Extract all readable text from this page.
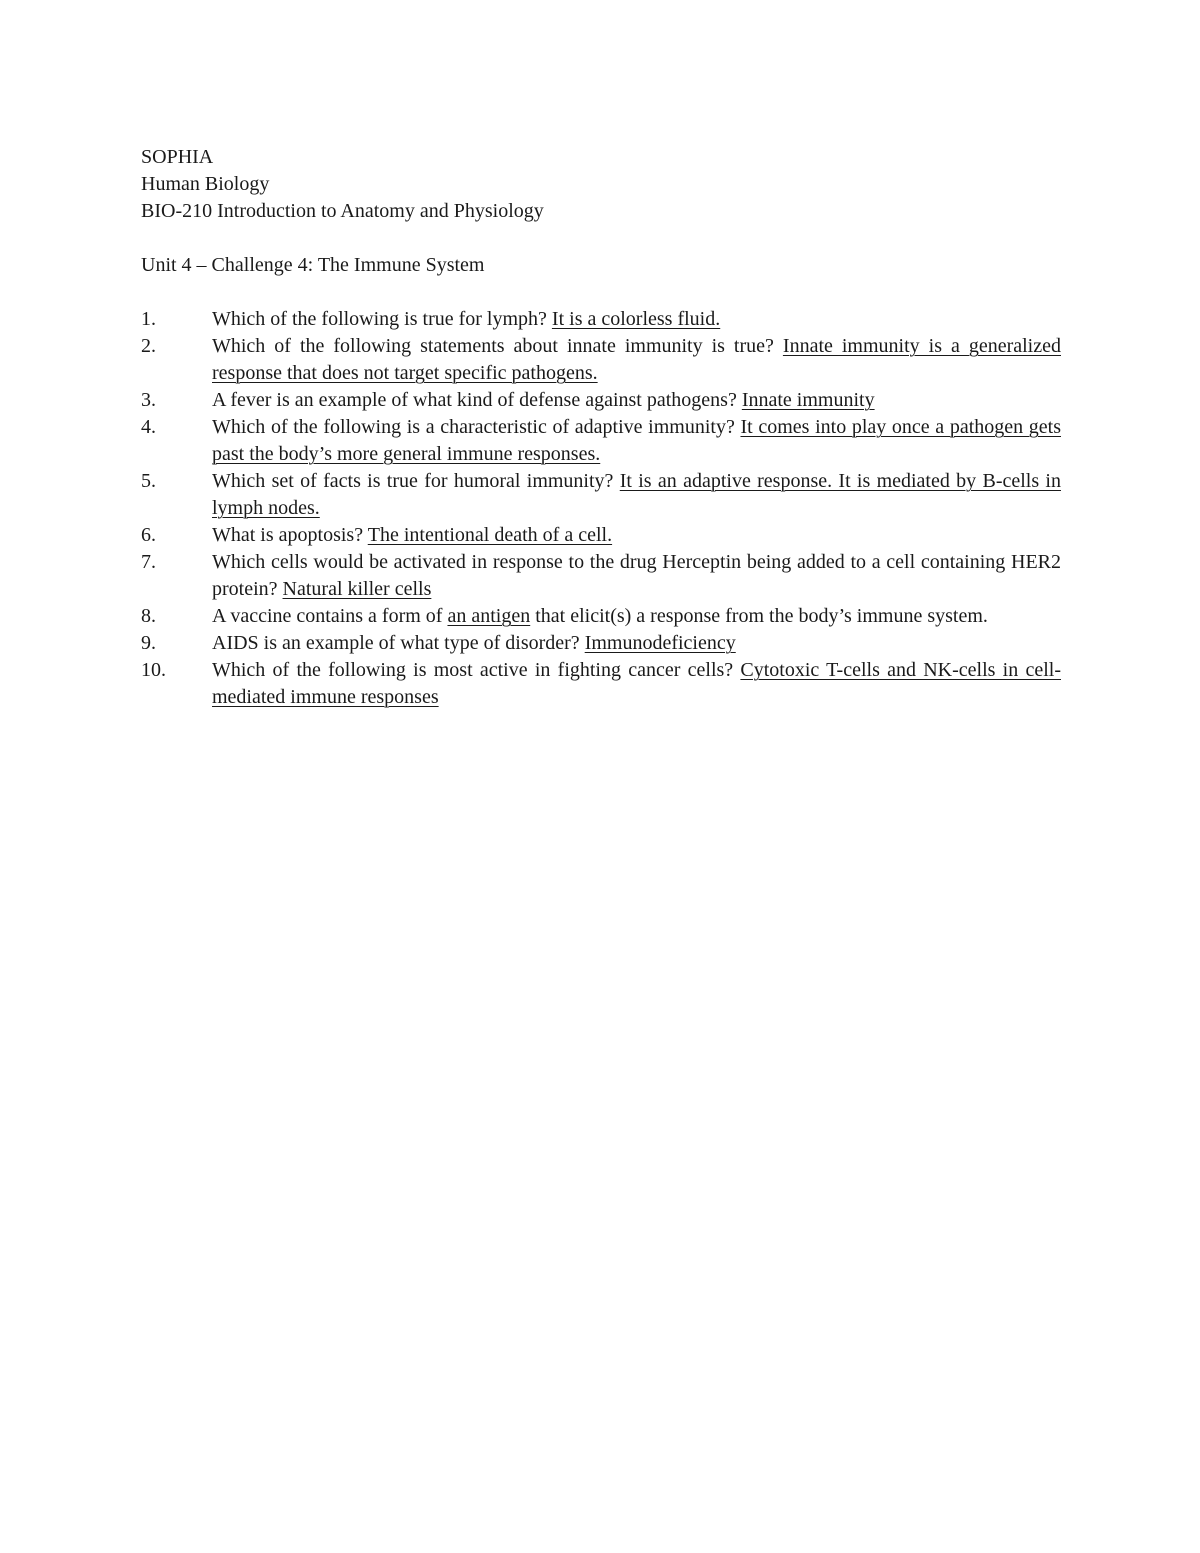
SOPHIA
Human Biology
BIO-210 Introduction to Anatomy and Physiology
Unit 4 – Challenge 4: The Immune System
1.	Which of the following is true for lymph? It is a colorless fluid.
2.	Which of the following statements about innate immunity is true? Innate immunity is a generalized response that does not target specific pathogens.
3.	A fever is an example of what kind of defense against pathogens? Innate immunity
4.	Which of the following is a characteristic of adaptive immunity? It comes into play once a pathogen gets past the body’s more general immune responses.
5.	Which set of facts is true for humoral immunity? It is an adaptive response. It is mediated by B-cells in lymph nodes.
6.	What is apoptosis? The intentional death of a cell.
7.	Which cells would be activated in response to the drug Herceptin being added to a cell containing HER2 protein? Natural killer cells
8.	A vaccine contains a form of an antigen that elicit(s) a response from the body’s immune system.
9.	AIDS is an example of what type of disorder? Immunodeficiency
10.	Which of the following is most active in fighting cancer cells? Cytotoxic T-cells and NK-cells in cell-mediated immune responses
